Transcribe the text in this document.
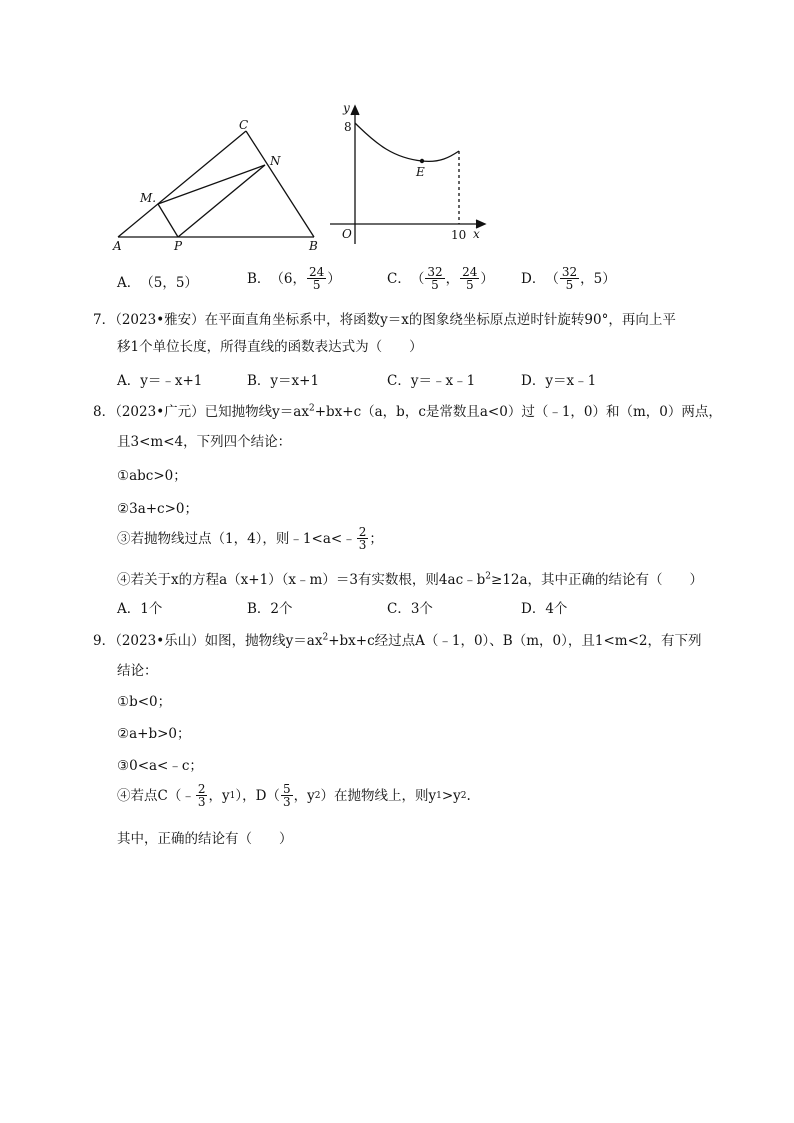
C
N
M.
A	P	B
y
8
E
O	10 x
A． （5，5）	B． （6， $\frac{24}{5}$ ）	C． （ $\frac{32}{5}$ ， $\frac{24}{5}$ ） D． （ $\frac{32}{5}$ ，5）
7．（2023•雅安）在平面直角坐标系中，将函数y＝x的图象绕坐标原点逆时针旋转90°，再向上平
移1个单位长度，所得直线的函数表达式为（　　）
A．y＝﹣x+1	B．y＝x+1	C．y＝﹣x﹣1	D．y＝x﹣1
8．（2023•广元）已知抛物线$y=ax^2+bx+c(a$，b，c是常数且a<0）过（﹣1，0）和（m，0）两点，
且3<m<4，下列四个结论：
①abc>0；
②3a+c>0；
③若抛物线过点（1，4），则﹣1<a<﹣ $\frac{2}{3}$ ；
④若关于x的方程a（x+1）（x﹣m）＝3有实数根，则$4ac﹣b^2\ge 12a$，其中正确的结论有（　　）
A．1个	B．2个	C．3个	D．4个
9．（2023•乐山）如图，抛物线$y=ax^2+bx+c$经过点A（﹣1，0）、B（m，0），且1<m<2，有下列
结论：
①b<0；
②a+b>0；
③0<a<﹣c；
④若点C（﹣ $\frac{2}{3}$ ，y 1 ），$D( \frac{5}{3}$ ，y 2 ）在抛物线上，则y 1 >y 2 .
其中，正确的结论有（　　）
